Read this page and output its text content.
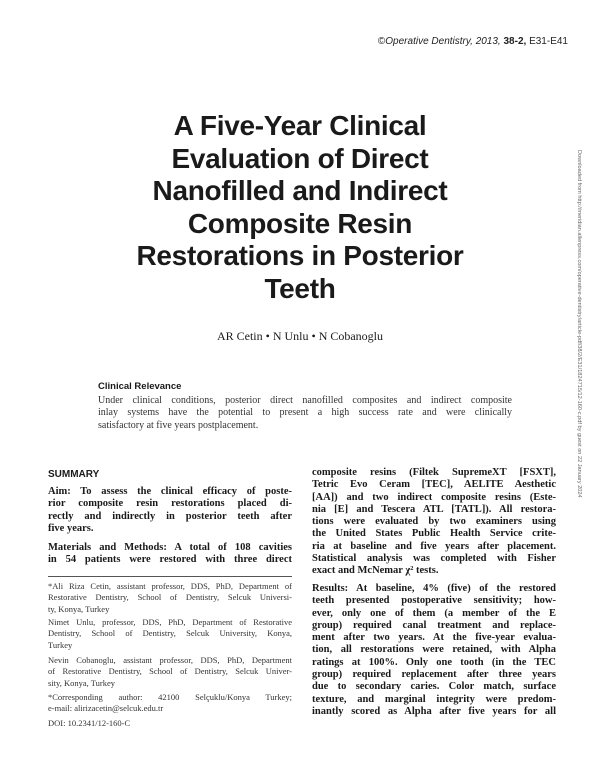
©Operative Dentistry, 2013, 38-2, E31-E41
A Five-Year Clinical
Evaluation of Direct
Nanofilled and Indirect
Composite Resin
Restorations in Posterior
Teeth
AR Cetin • N Unlu • N Cobanoglu
Clinical Relevance
Under clinical conditions, posterior direct nanofilled composites and indirect composite
inlay systems have the potential to present a high success rate and were clinically
satisfactory at five years postplacement.
SUMMARY
Aim: To assess the clinical efficacy of poste-
rior composite resin restorations placed di-
rectly and indirectly in posterior teeth after
five years.
Materials and Methods: A total of 108 cavities
in 54 patients were restored with three direct
*Ali Riza Cetin, assistant professor, DDS, PhD, Department of
Restorative Dentistry, School of Dentistry, Selcuk Universi-
ty, Konya, Turkey
Nimet Unlu, professor, DDS, PhD, Department of Restorative
Dentistry, School of Dentistry, Selcuk University, Konya,
Turkey
Nevin Cobanoglu, assistant professor, DDS, PhD, Department
of Restorative Dentistry, School of Dentistry, Selcuk Univer-
sity, Konya, Turkey
*Corresponding author: 42100 Selçuklu/Konya Turkey;
e-mail: alirizacetin@selcuk.edu.tr
DOI: 10.2341/12-160-C
composite resins (Filtek SupremeXT [FSXT],
Tetric Evo Ceram [TEC], AELITE Aesthetic
[AA]) and two indirect composite resins (Este-
nia [E] and Tescera ATL [TATL]). All restora-
tions were evaluated by two examiners using
the United States Public Health Service crite-
ria at baseline and five years after placement.
Statistical analysis was completed with Fisher
exact and McNemar χ² tests.
Results: At baseline, 4% (five) of the restored
teeth presented postoperative sensitivity; how-
ever, only one of them (a member of the E
group) required canal treatment and replace-
ment after two years. At the five-year evalua-
tion, all restorations were retained, with Alpha
ratings at 100%. Only one tooth (in the TEC
group) required replacement after three years
due to secondary caries. Color match, surface
texture, and marginal integrity were predom-
inantly scored as Alpha after five years for all
Downloaded from http://meridian.allenpress.com/operative-dentistry/article-pdf/38/2/E31/1824715/12-160-c.pdf by guest on 22 January 2024
